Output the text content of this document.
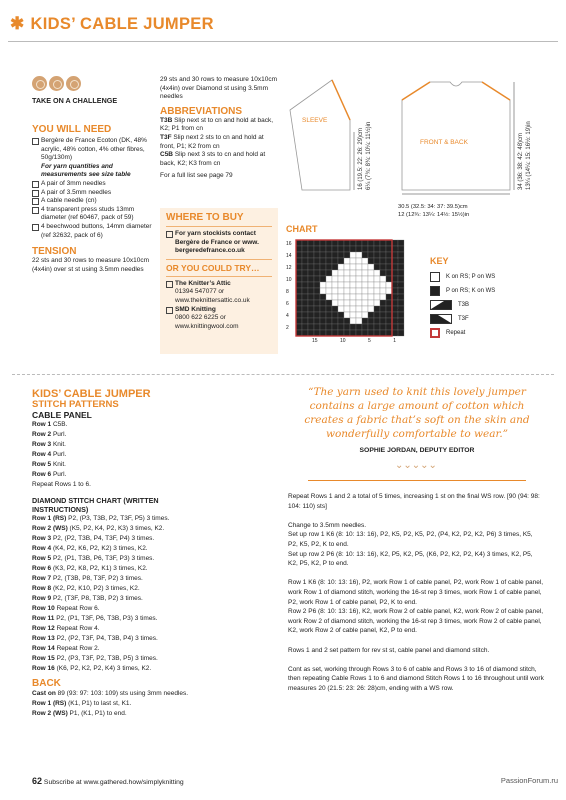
✱ KIDS’ CABLE JUMPER
TAKE ON A CHALLENGE
YOU WILL NEED
Bergère de France Ecoton (DK, 48% acrylic, 48% cotton, 4% other fibres, 50g/130m)
For yarn quantities and measurements see size table
A pair of 3mm needles
A pair of 3.5mm needles
A cable needle (cn)
4 transparent press studs 13mm diameter (ref 60467, pack of 59)
4 beechwood buttons, 14mm diameter (ref 32632, pack of 6)
TENSION
22 sts and 30 rows to measure 10x10cm (4x4in) over st st using 3.5mm needles
29 sts and 30 rows to measure 10x10cm (4x4in) over Diamond st using 3.5mm needles
ABBREVIATIONS
T3B Slip next st to cn and hold at back, K2; P1 from cn
T3F Slip next 2 sts to cn and hold at front, P1; K2 from cn
C5B Slip next 3 sts to cn and hold at back, K2; K3 from cn
For a full list see page 79
WHERE TO BUY
For yarn stockists contact Bergère de France or www. bergeredefrance.co.uk
OR YOU COULD TRY…
The Knitter’s Attic
01394 547077 or www.theknittersattic.co.uk
SMD Knitting
0800 622 6225 or www.knittingwool.com
SLEEVE
FRONT & BACK
16 (19.5: 22: 26: 29)cm 6¼ (7¾: 8¾: 10¼: 11½)in	34 (36: 38: 42: 48)cm 13¼ (14¼: 15: 16½: 19)in
30.5 (32.5: 34: 37: 39.5)cm
12 (12¾: 13¼: 14½: 15½)in
CHART
16
14
12
10
8
6
4
2
15
13
11
9
7
5
3
1
15	10	5	1
KEY
K on RS; P on WS
P on RS; K on WS
T3B
T3F
Repeat
KIDS’ CABLE JUMPER
STITCH PATTERNS
CABLE PANEL
Row 1 C5B.
Row 2 Purl.
Row 3 Knit.
Row 4 Purl.
Row 5 Knit.
Row 6 Purl.
Repeat Rows 1 to 6.
DIAMOND STITCH CHART (WRITTEN INSTRUCTIONS)
Row 1 (RS) P2, (P3, T3B, P2, T3F, P5) 3 times.
Row 2 (WS) (K5, P2, K4, P2, K3) 3 times, K2.
Row 3 P2, (P2, T3B, P4, T3F, P4) 3 times.
Row 4 (K4, P2, K6, P2, K2) 3 times, K2.
Row 5 P2, (P1, T3B, P6, T3F, P3) 3 times.
Row 6 (K3, P2, K8, P2, K1) 3 times, K2.
Row 7 P2, (T3B, P8, T3F, P2) 3 times.
Row 8 (K2, P2, K10, P2) 3 times, K2.
Row 9 P2, (T3F, P8, T3B, P2) 3 times.
Row 10 Repeat Row 6.
Row 11 P2, (P1, T3F, P6, T3B, P3) 3 times.
Row 12 Repeat Row 4.
Row 13 P2, (P2, T3F, P4, T3B, P4) 3 times.
Row 14 Repeat Row 2.
Row 15 P2, (P3, T3F, P2, T3B, P5) 3 times.
Row 16 (K6, P2, K2, P2, K4) 3 times, K2.
BACK
Cast on 89 (93: 97: 103: 109) sts using 3mm needles.
Row 1 (RS) (K1, P1) to last st, K1.
Row 2 (WS) P1, (K1, P1) to end.
“The yarn used to knit this lovely jumper contains a large amount of cotton which creates a fabric that’s soft on the skin and wonderfully comfortable to wear.”
SOPHIE JORDAN, DEPUTY EDITOR
⌄⌄⌄⌄⌄

Repeat Rows 1 and 2 a total of 5 times, increasing 1 st on the final WS row. [90 (94: 98: 104: 110) sts]

Change to 3.5mm needles.

Set up row 1 K6 (8: 10: 13: 16), P2, K5, P2, K5, P2, (P4, K2, P2, K2, P6) 3 times, K5, P2, K5, P2, K to end.

Set up row 2 P6 (8: 10: 13: 16), K2, P5, K2, P5, (K6, P2, K2, P2, K4) 3 times, K2, P5, K2, P5, K2, P to end.

Row 1 K6 (8: 10: 13: 16), P2, work Row 1 of cable panel, P2, work Row 1 of cable panel, work Row 1 of diamond stitch, working the 16-st rep 3 times, work Row 1 of cable panel, P2, work Row 1 of cable panel, P2, K to end.

Row 2 P6 (8: 10: 13: 16), K2, work Row 2 of cable panel, K2, work Row 2 of cable panel, work Row 2 of diamond stitch, working the 16-st rep 3 times, work Row 2 of cable panel, K2, work Row 2 of cable panel, K2, P to end.

Rows 1 and 2 set pattern for rev st st, cable panel and diamond stitch.

Cont as set, working through Rows 3 to 6 of cable and Rows 3 to 16 of diamond stitch, then repeating Cable Rows 1 to 6 and diamond Stitch Rows 1 to 16 throughout until work measures 20 (21.5: 23: 26: 28)cm, ending with a WS row.

62 Subscribe at www.gathered.how/simplyknitting	PassionForum.ru
